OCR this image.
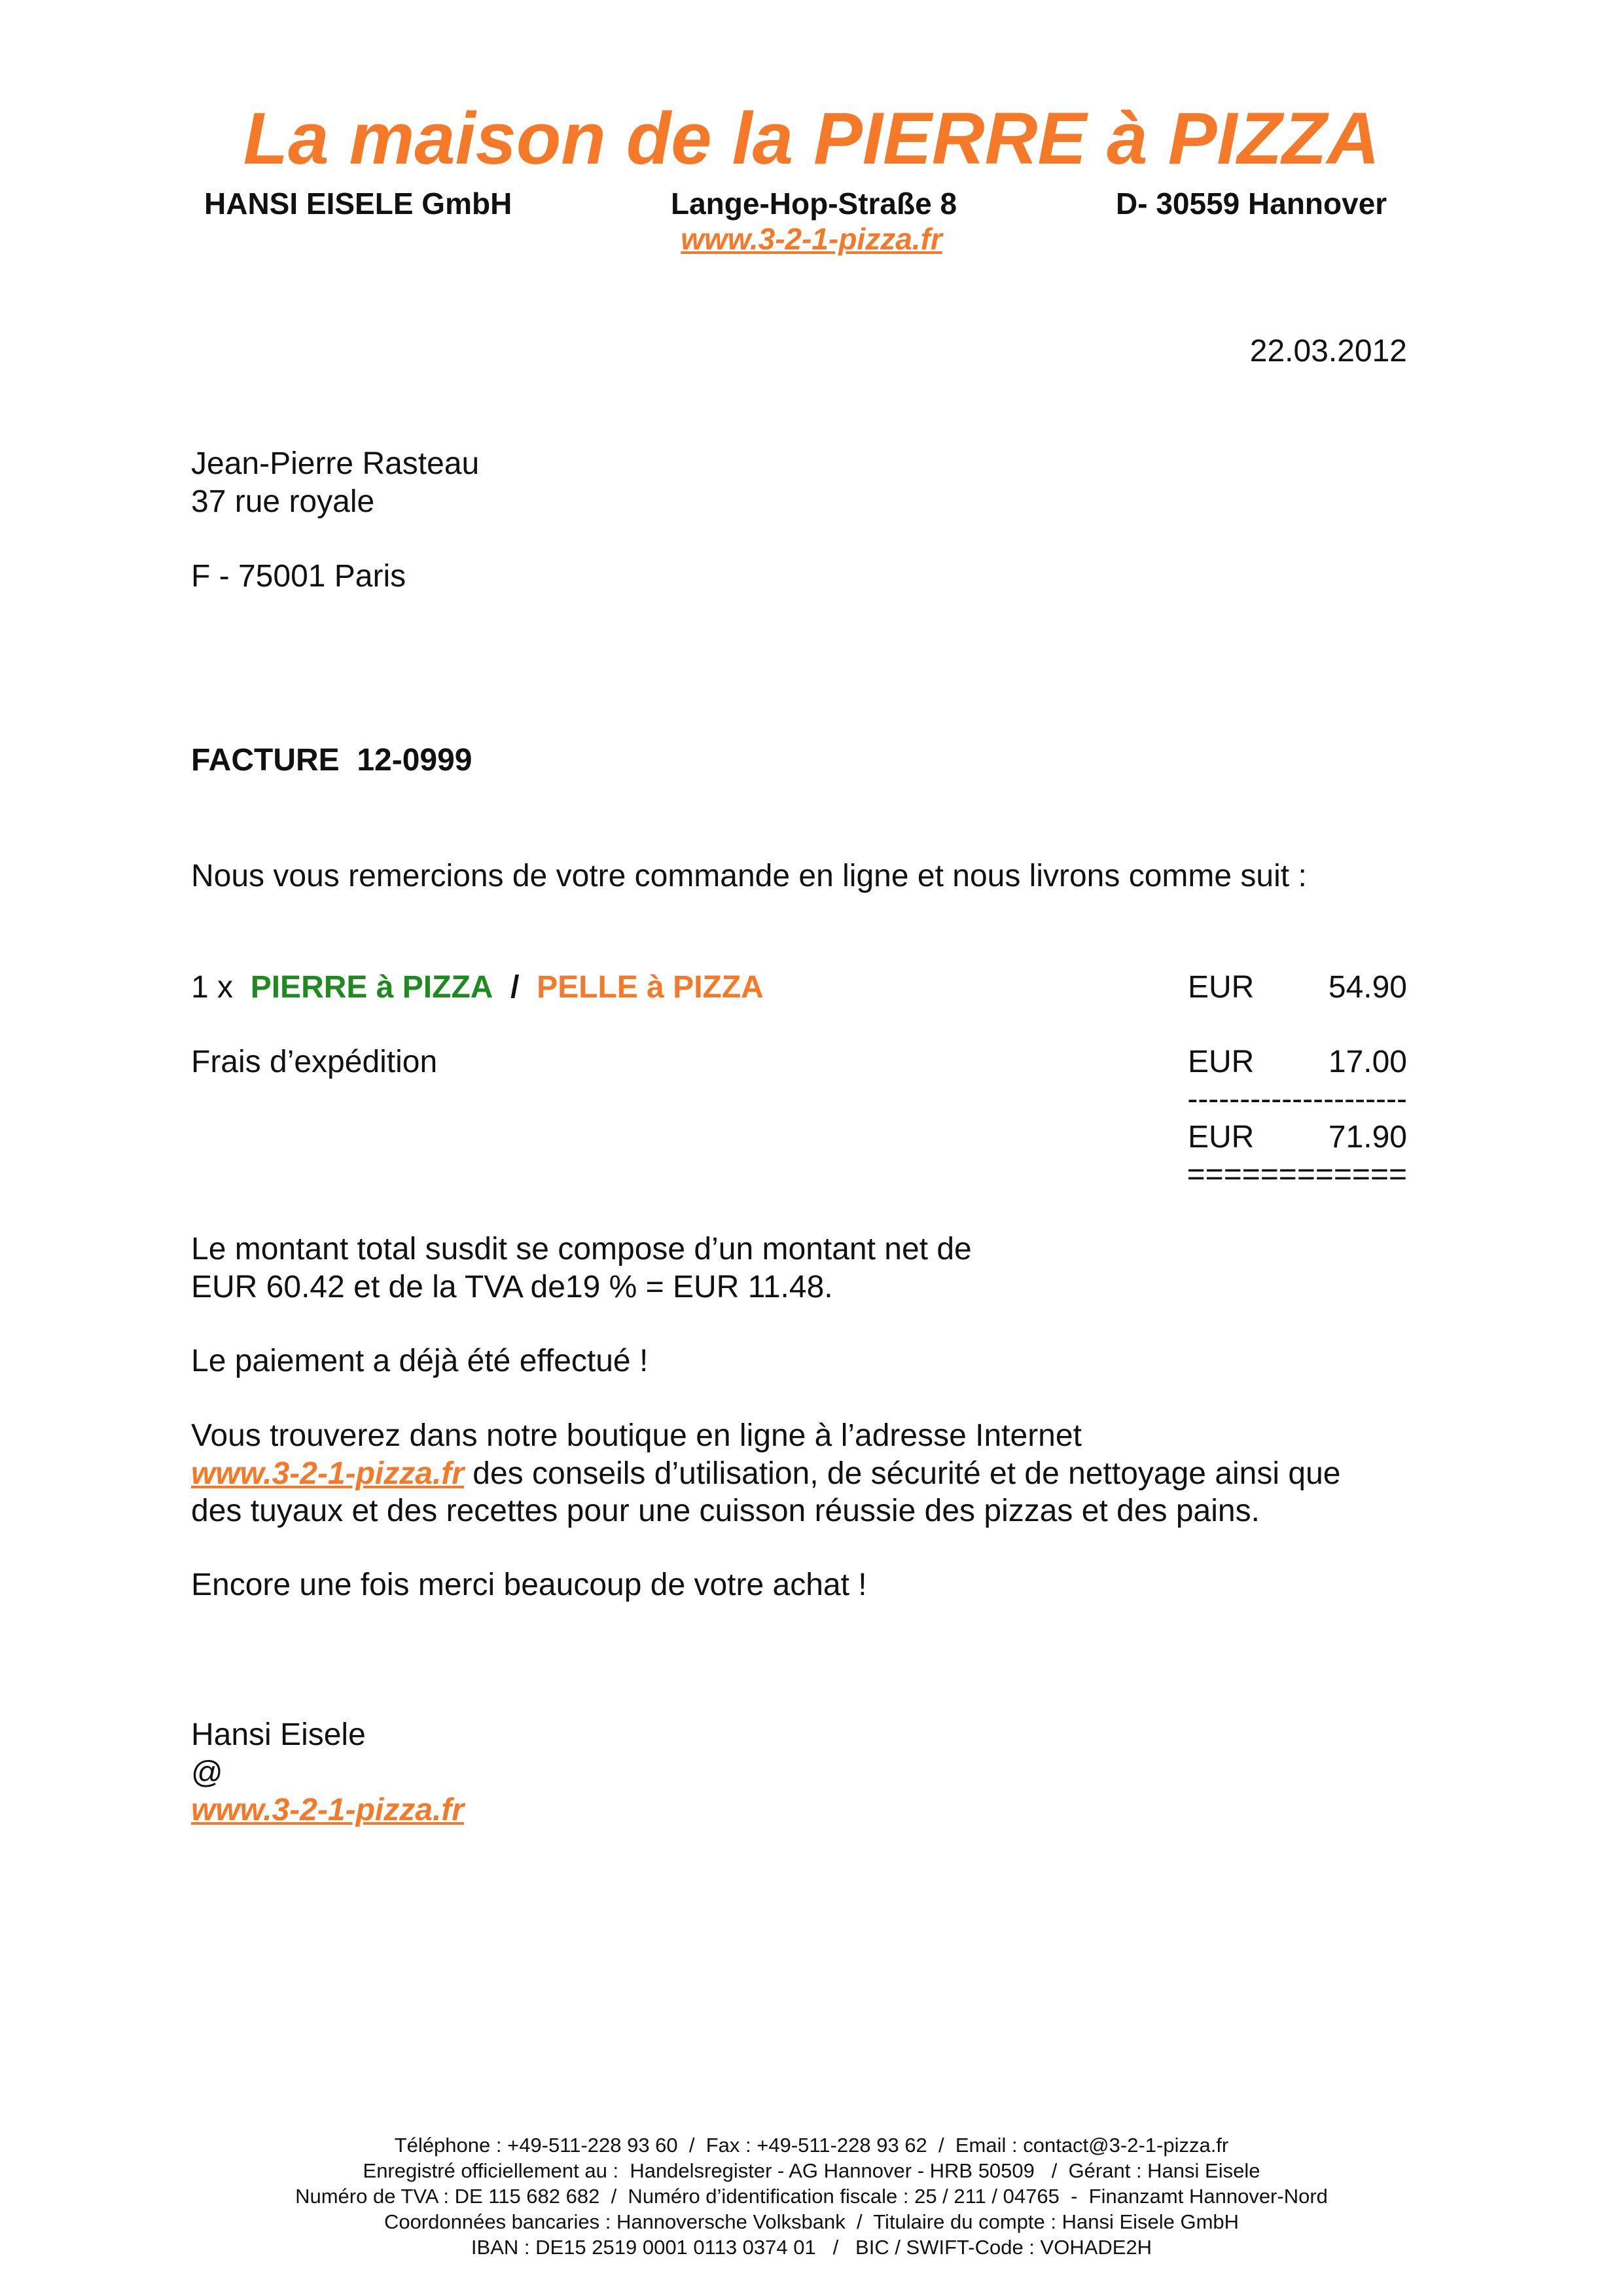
La maison de la PIERRE à PIZZA
HANSI EISELE GmbH	Lange-Hop-Straße 8	D- 30559 Hannover
www.3-2-1-pizza.fr
22.03.2012
Jean-Pierre Rasteau
37 rue royale
F - 75001 Paris
FACTURE  12-0999
Nous vous remercions de votre commande en ligne et nous livrons comme suit :
1 x PIERRE à PIZZA / PELLE à PIZZA	EUR 54.90
Frais d’expédition	EUR 17.00
---------------------
EUR 71.90
============
Le montant total susdit se compose d’un montant net de
EUR 60.42 et de la TVA de19 % = EUR 11.48.
Le paiement a déjà été effectué !
Vous trouverez dans notre boutique en ligne à l’adresse Internet
www.3-2-1-pizza.fr des conseils d’utilisation, de sécurité et de nettoyage ainsi que
des tuyaux et des recettes pour une cuisson réussie des pizzas et des pains.
Encore une fois merci beaucoup de votre achat !
Hansi Eisele
@
www.3-2-1-pizza.fr
Téléphone : +49-511-228 93 60  /  Fax : +49-511-228 93 62  /  Email : contact@3-2-1-pizza.fr
Enregistré officiellement au :  Handelsregister - AG Hannover - HRB 50509   /  Gérant : Hansi Eisele
Numéro de TVA : DE 115 682 682  /  Numéro d’identification fiscale : 25 / 211 / 04765  -  Finanzamt Hannover-Nord
Coordonnées bancaries : Hannoversche Volksbank  /  Titulaire du compte : Hansi Eisele GmbH
IBAN : DE15 2519 0001 0113 0374 01   /   BIC / SWIFT-Code : VOHADE2H
